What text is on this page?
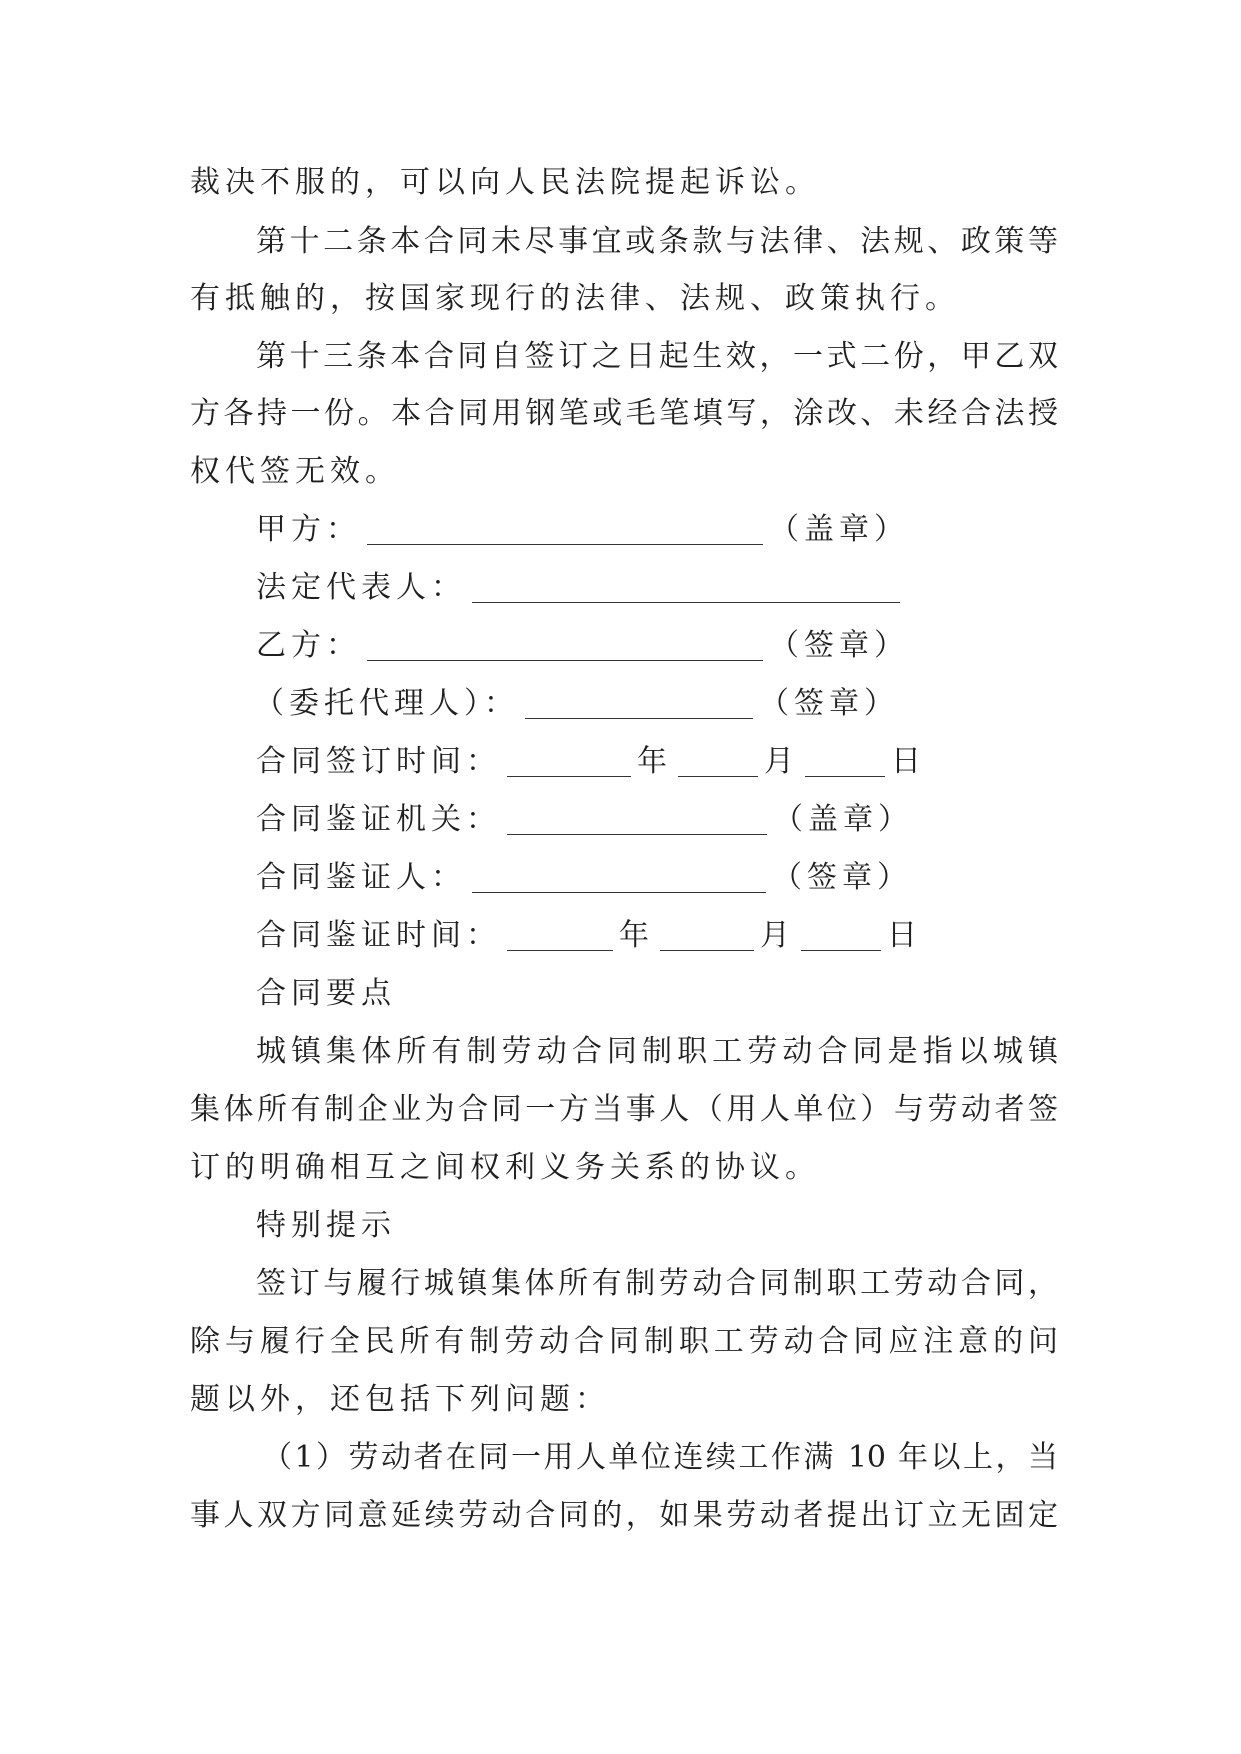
裁决不服的，可以向人民法院提起诉讼。
第十二条本合同未尽事宜或条款与法律、法规、政策等
有抵触的，按国家现行的法律、法规、政策执行。
第十三条本合同自签订之日起生效，一式二份，甲乙双
方各持一份。本合同用钢笔或毛笔填写，涂改、未经合法授
权代签无效。
甲方：	（盖章）
法定代表人：
乙方：	（签章）
（委托代理人）：	（签章）
合同签订时间：	年	月	日
合同鉴证机关：	（盖章）
合同鉴证人：	（签章）
合同鉴证时间：	年	月	日
合同要点
城镇集体所有制劳动合同制职工劳动合同是指以城镇
集体所有制企业为合同一方当事人（用人单位）与劳动者签
订的明确相互之间权利义务关系的协议。
特别提示
签订与履行城镇集体所有制劳动合同制职工劳动合同，
除与履行全民所有制劳动合同制职工劳动合同应注意的问
题以外，还包括下列问题：
（1）劳动者在同一用人单位连续工作满 10 年以上，当
事人双方同意延续劳动合同的，如果劳动者提出订立无固定
